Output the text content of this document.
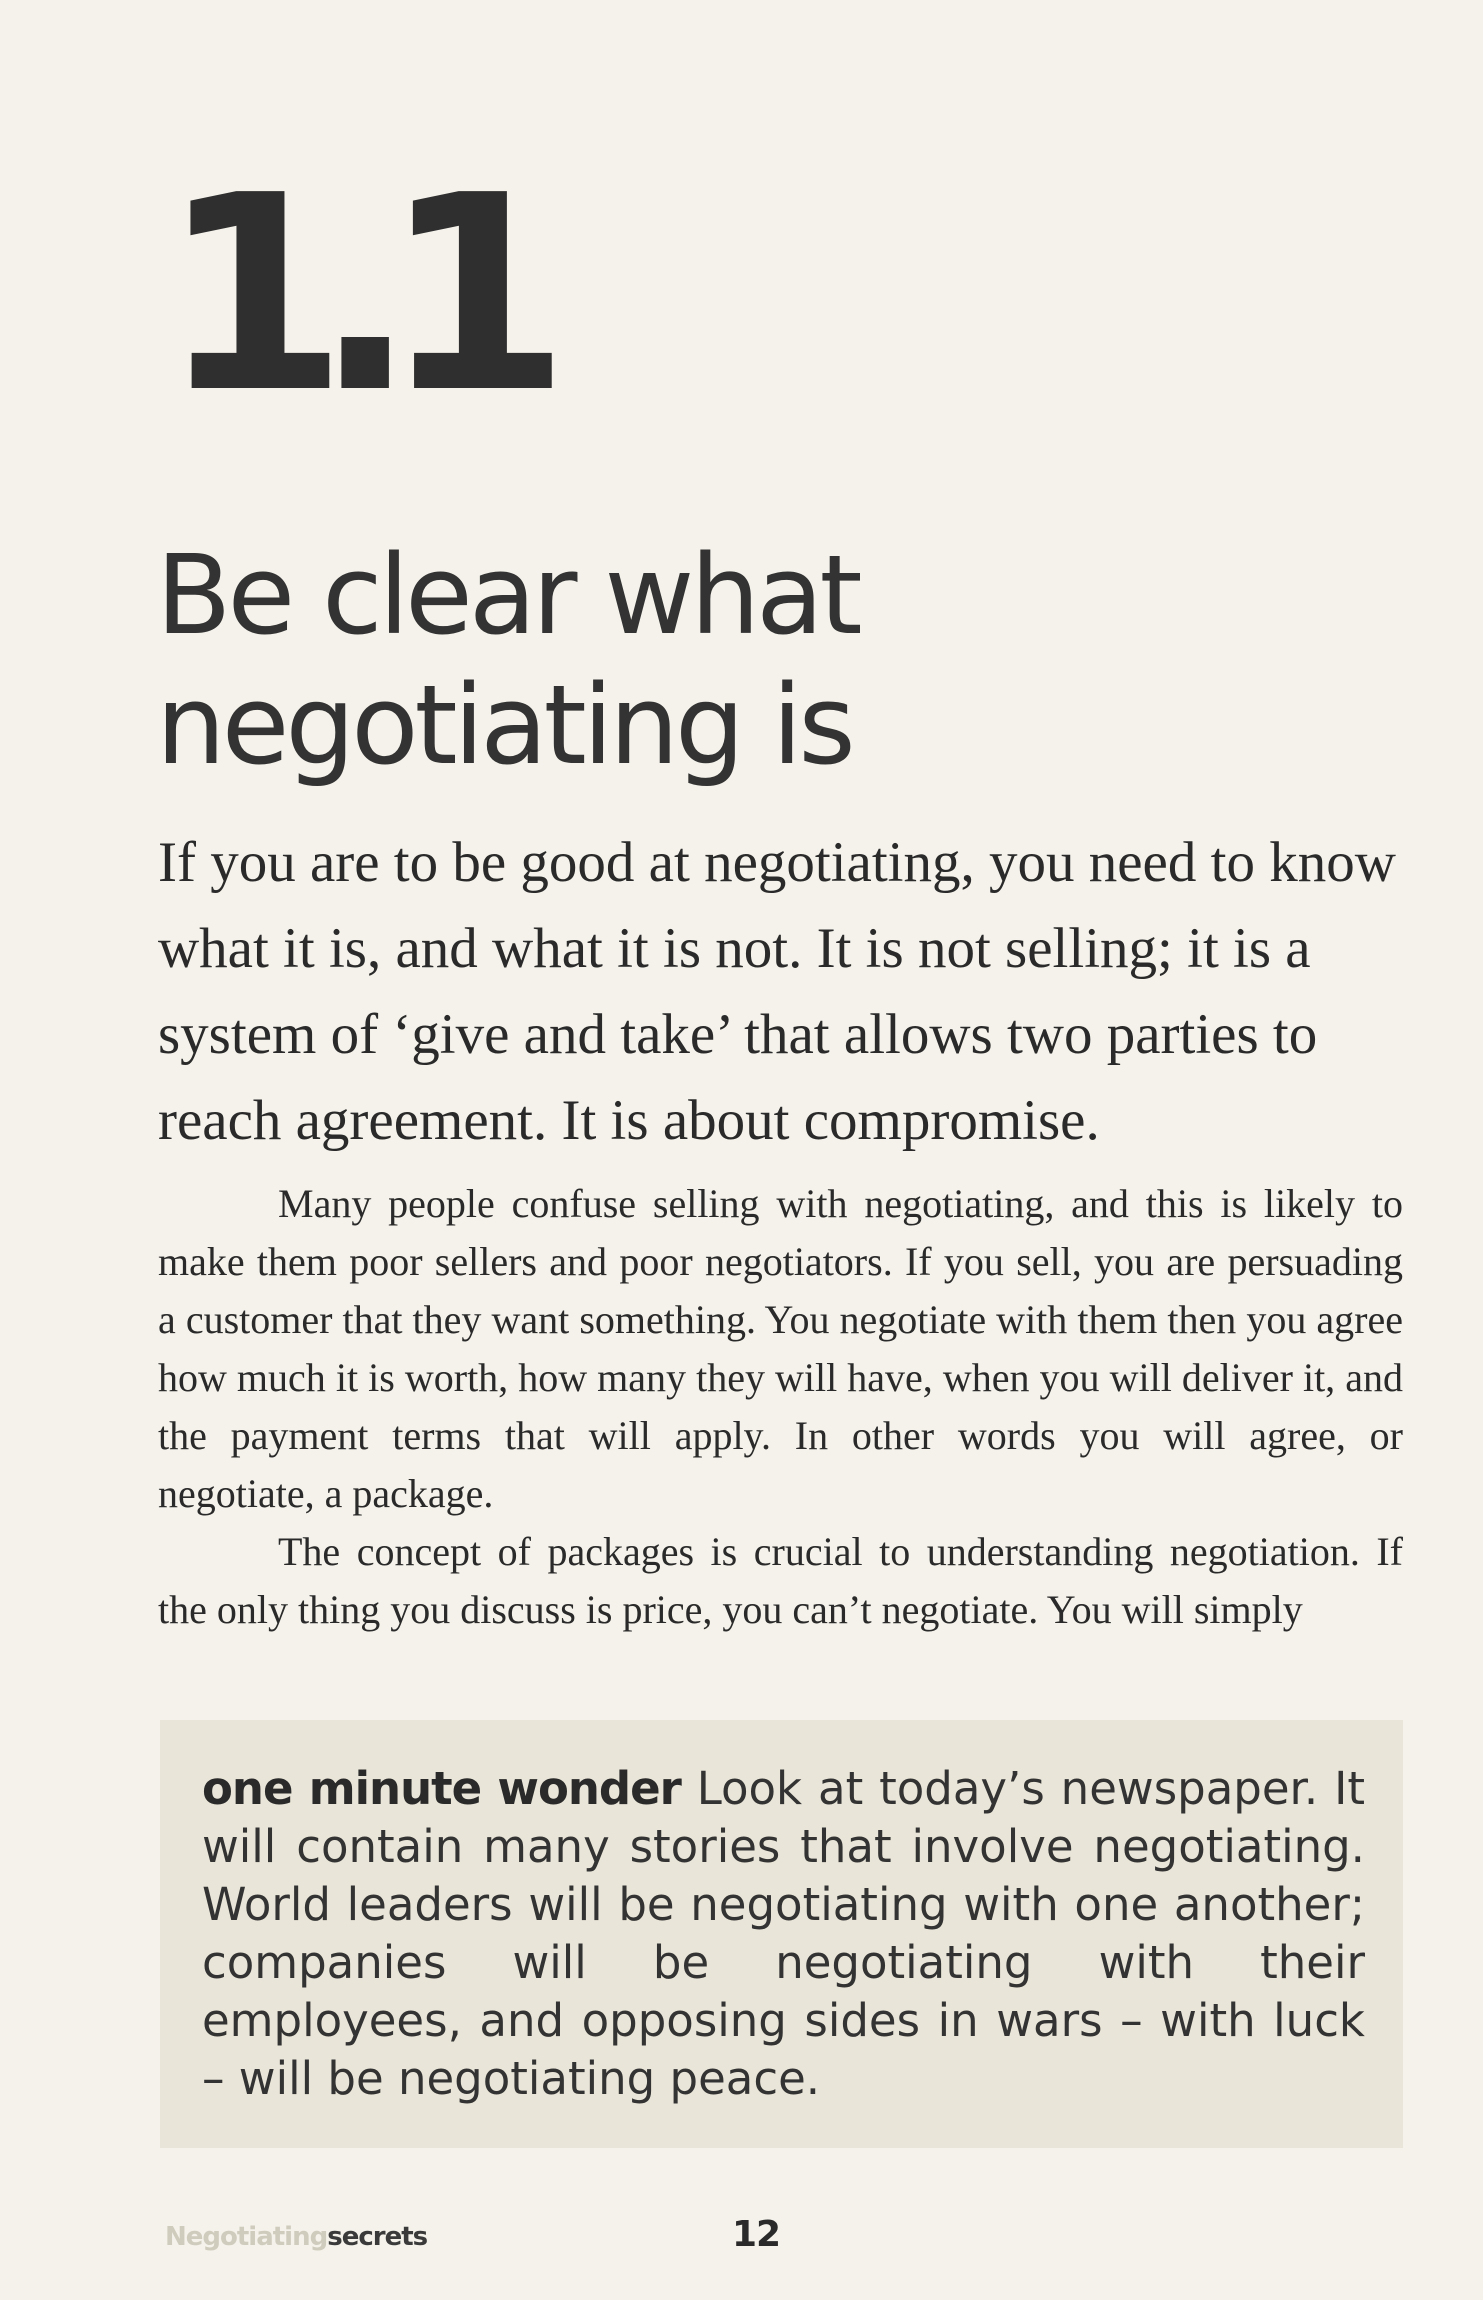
1.1
Be clear what negotiating is

If you are to be good at negotiating, you need to know what it is, and what it is not. It is not selling; it is a system of ‘give and take’ that allows two parties to reach agreement. It is about compromise.

Many people confuse selling with negotiating, and this is likely to make them poor sellers and poor negotiators. If you sell, you are persuading a customer that they want something. You negotiate with them then you agree how much it is worth, how many they will have, when you will deliver it, and the payment terms that will apply. In other words you will agree, or negotiate, a package.

The concept of packages is crucial to understanding negotiation. If the only thing you discuss is price, you can’t negotiate. You will simply

one minute wonder Look at today’s newspaper. It will contain many stories that involve negotiating. World leaders will be negotiating with one another; companies will be negotiating with their employees, and opposing sides in wars – with luck – will be negotiating peace.

Negotiatingsecrets	12
